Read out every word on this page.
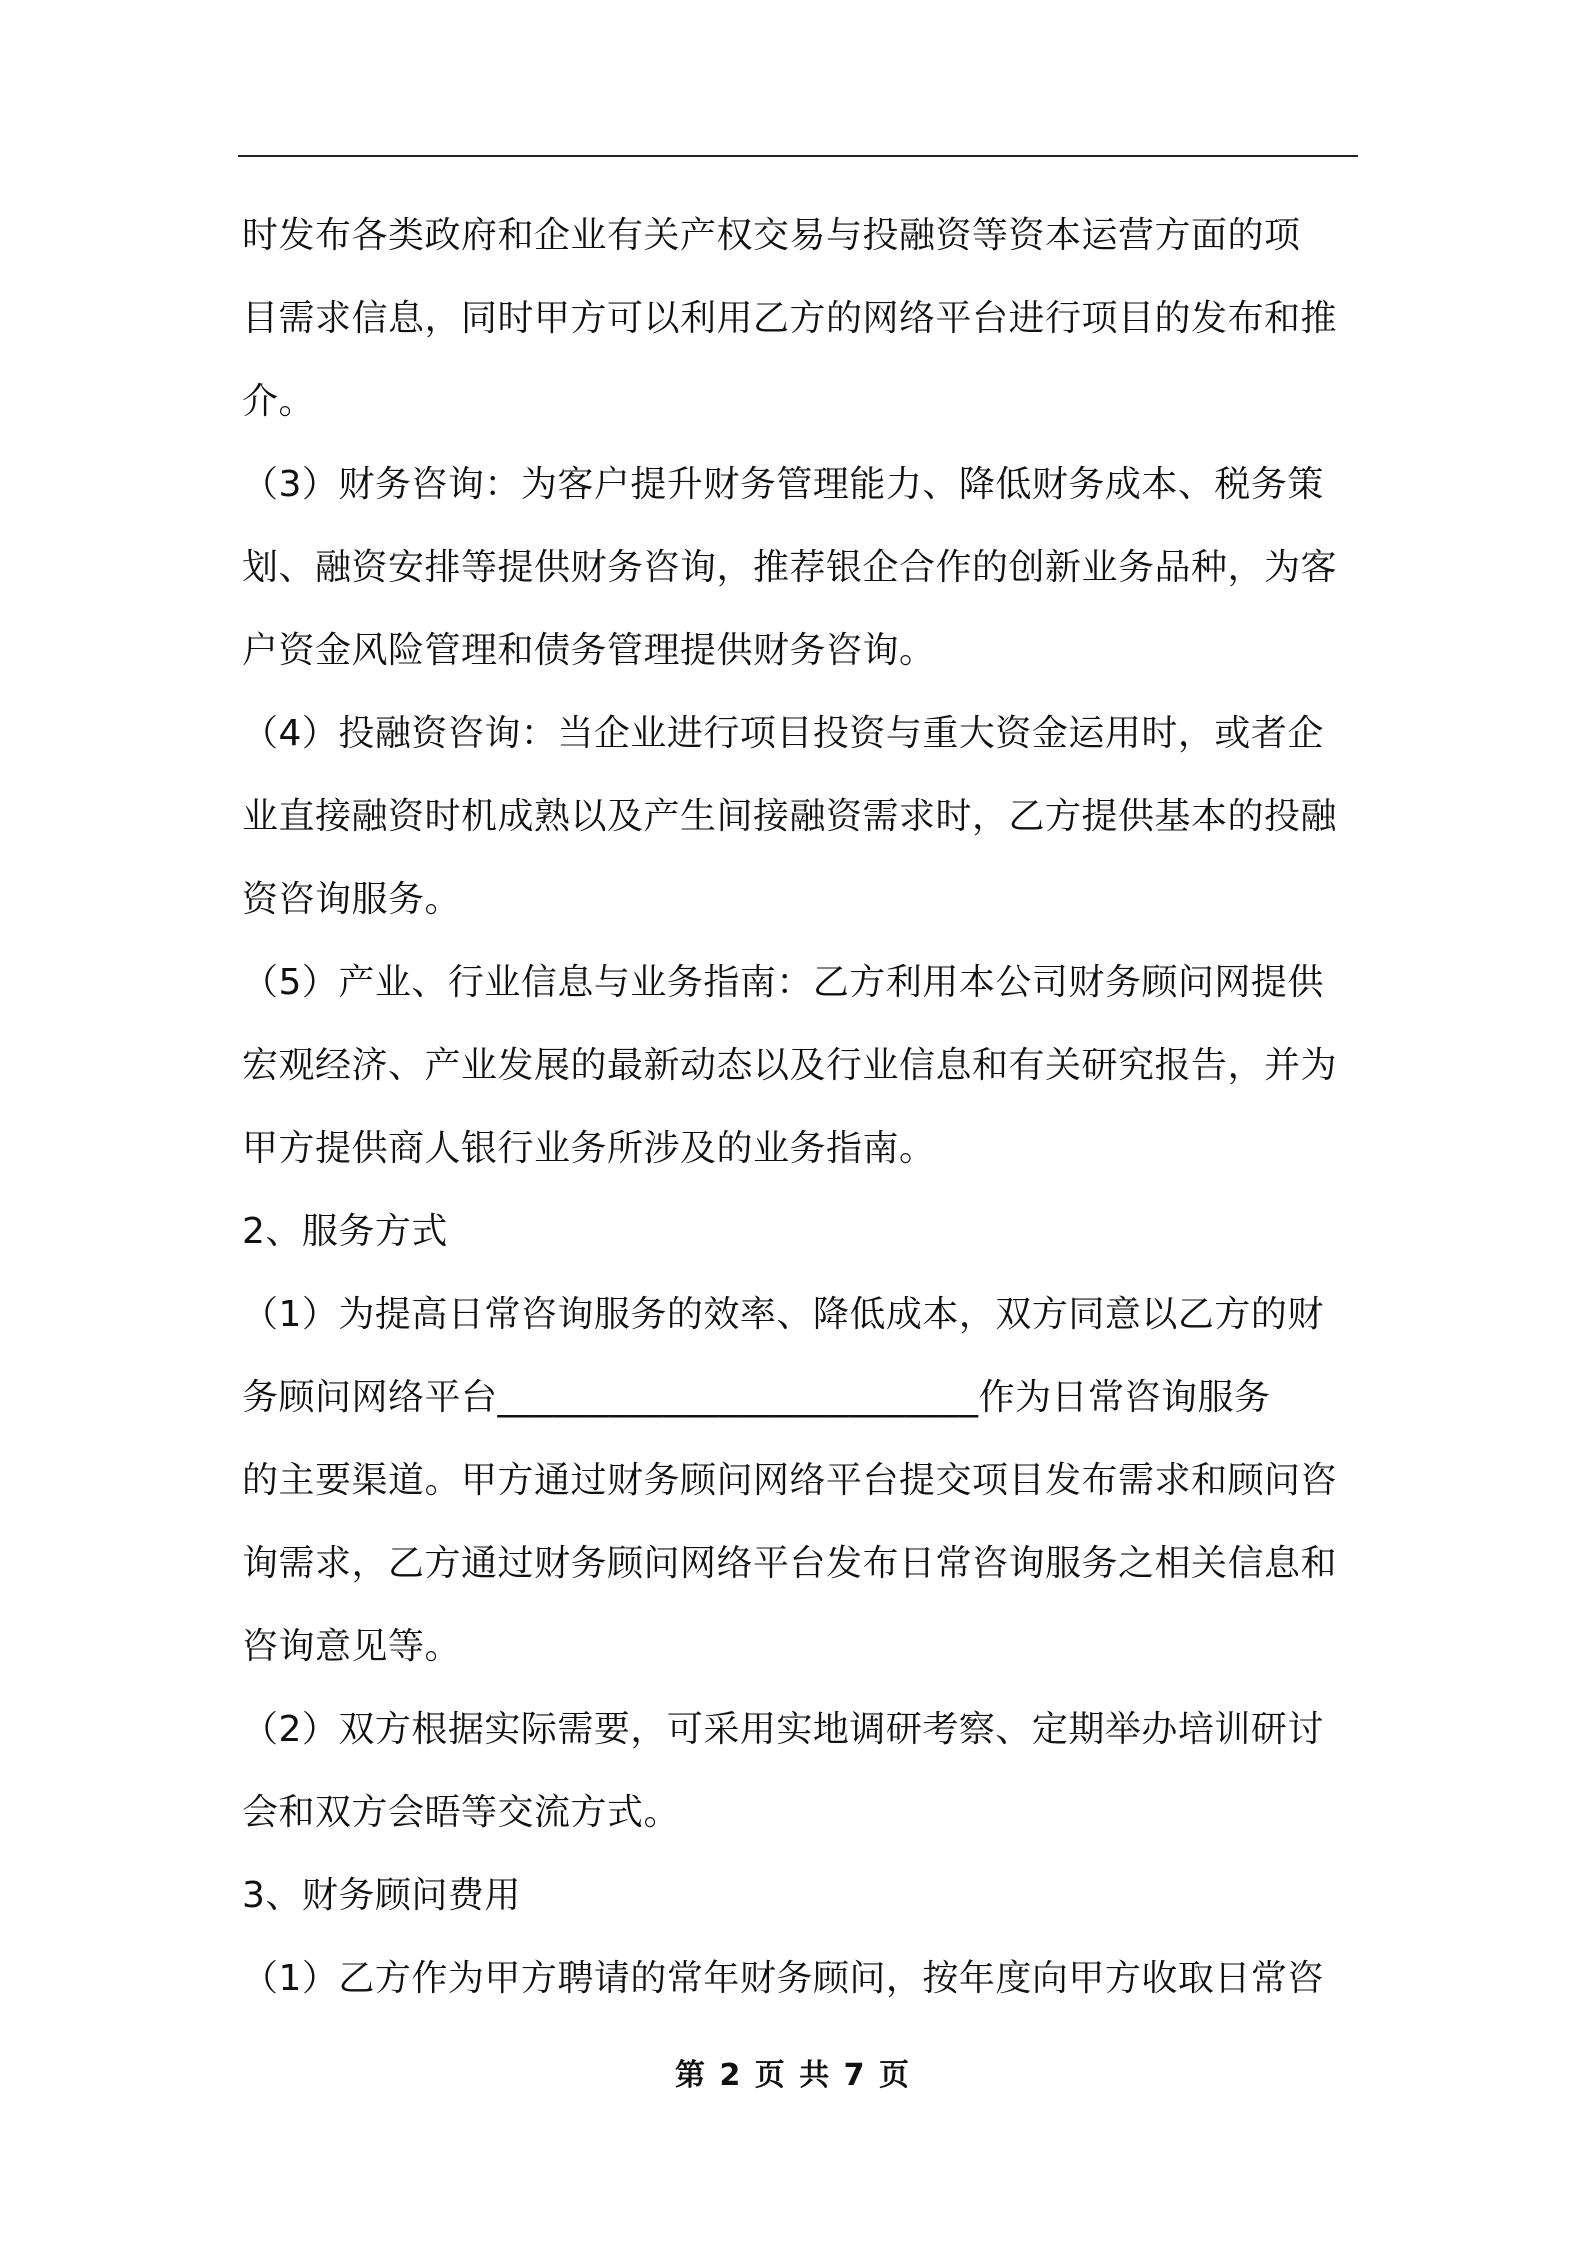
时发布各类政府和企业有关产权交易与投融资等资本运营方面的项
目需求信息，同时甲方可以利用乙方的网络平台进行项目的发布和推
介。
（3）财务咨询：为客户提升财务管理能力、降低财务成本、税务策
划、融资安排等提供财务咨询，推荐银企合作的创新业务品种，为客
户资金风险管理和债务管理提供财务咨询。
（4）投融资咨询：当企业进行项目投资与重大资金运用时，或者企
业直接融资时机成熟以及产生间接融资需求时，乙方提供基本的投融
资咨询服务。
（5）产业、行业信息与业务指南：乙方利用本公司财务顾问网提供
宏观经济、产业发展的最新动态以及行业信息和有关研究报告，并为
甲方提供商人银行业务所涉及的业务指南。
2、服务方式
（1）为提高日常咨询服务的效率、降低成本，双方同意以乙方的财
务顾问网络平台__________________________作为日常咨询服务
的主要渠道。甲方通过财务顾问网络平台提交项目发布需求和顾问咨
询需求，乙方通过财务顾问网络平台发布日常咨询服务之相关信息和
咨询意见等。
（2）双方根据实际需要，可采用实地调研考察、定期举办培训研讨
会和双方会晤等交流方式。
3、财务顾问费用
（1）乙方作为甲方聘请的常年财务顾问，按年度向甲方收取日常咨
第 2 页 共 7 页
